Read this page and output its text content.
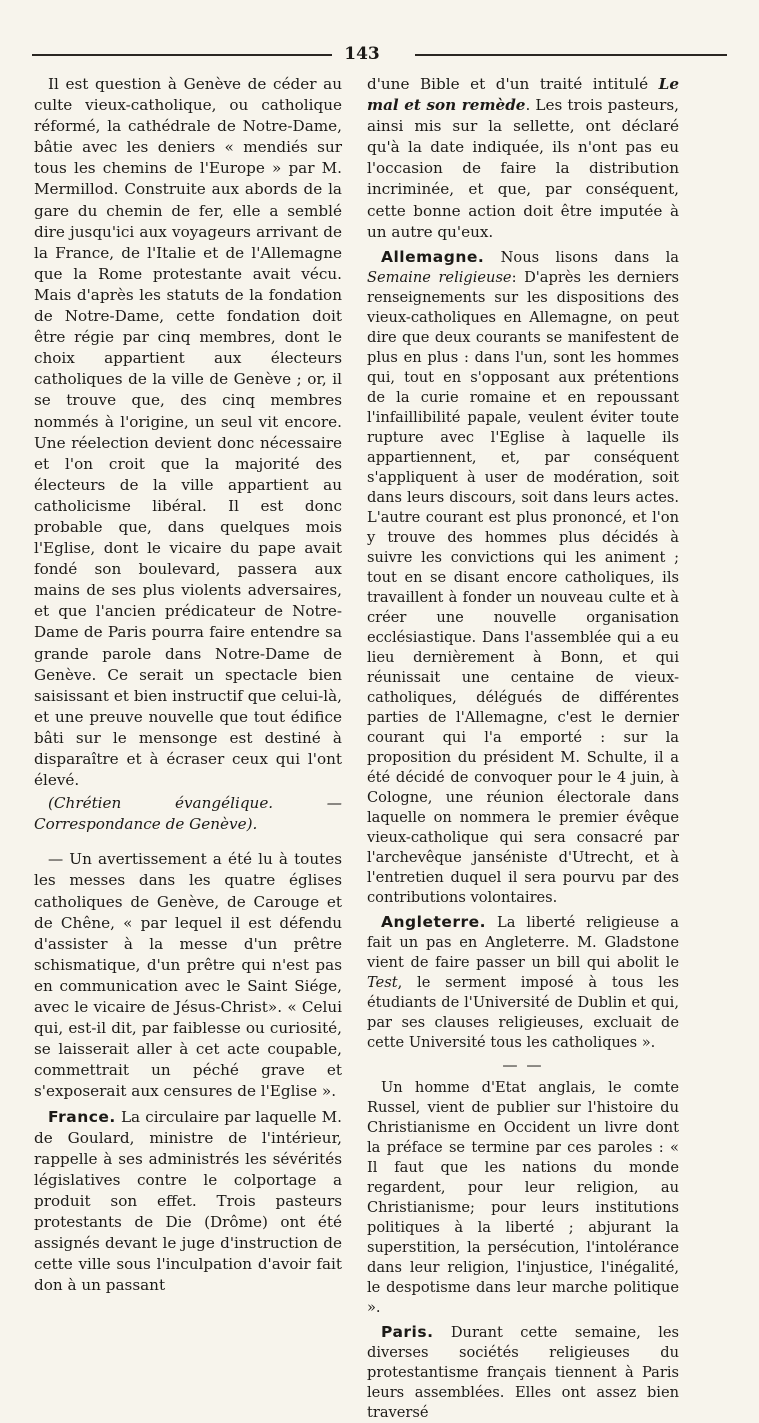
143

Il est question à Genève de céder au culte vieux-catholique, ou catholique réformé, la cathédrale de Notre-Dame, bâtie avec les deniers « mendiés sur tous les chemins de l'Europe » par M. Mermillod. Construite aux abords de la gare du chemin de fer, elle a semblé dire jusqu'ici aux voyageurs arrivant de la France, de l'Italie et de l'Allemagne que la Rome protestante avait vécu. Mais d'après les statuts de la fondation de Notre-Dame, cette fondation doit être régie par cinq membres, dont le choix appartient aux électeurs catholiques de la ville de Genève ; or, il se trouve que, des cinq membres nommés à l'origine, un seul vit encore. Une réelection devient donc nécessaire et l'on croit que la majorité des électeurs de la ville appartient au catholicisme libéral. Il est donc probable que, dans quelques mois l'Eglise, dont le vicaire du pape avait fondé son boulevard, passera aux mains de ses plus violents adversaires, et que l'ancien prédicateur de Notre-Dame de Paris pourra faire entendre sa grande parole dans Notre-Dame de Genève. Ce serait un spectacle bien saisissant et bien instructif que celui-là, et une preuve nouvelle que tout édifice bâti sur le mensonge est destiné à disparaître et à écraser ceux qui l'ont élevé.

(Chrétien évangélique. — Correspondance de Genève).

— Un avertissement a été lu à toutes les messes dans les quatre églises catholiques de Genève, de Carouge et de Chêne, « par lequel il est défendu d'assister à la messe d'un prêtre schismatique, d'un prêtre qui n'est pas en communication avec le Saint Siége, avec le vicaire de Jésus-Christ». « Celui qui, est-il dit, par faiblesse ou curiosité, se laisserait aller à cet acte coupable, commettrait un péché grave et s'exposerait aux censures de l'Eglise ».

France. La circulaire par laquelle M. de Goulard, ministre de l'intérieur, rappelle à ses administrés les sévérités législatives contre le colportage a produit son effet. Trois pasteurs protestants de Die (Drôme) ont été assignés devant le juge d'instruction de cette ville sous l'inculpation d'avoir fait don à un passant

d'une Bible et d'un traité intitulé Le mal et son remède. Les trois pasteurs, ainsi mis sur la sellette, ont déclaré qu'à la date indiquée, ils n'ont pas eu l'occasion de faire la distribution incriminée, et que, par conséquent, cette bonne action doit être imputée à un autre qu'eux.

Allemagne. Nous lisons dans la Semaine religieuse: D'après les derniers renseignements sur les dispositions des vieux-catholiques en Allemagne, on peut dire que deux courants se manifestent de plus en plus : dans l'un, sont les hommes qui, tout en s'opposant aux prétentions de la curie romaine et en repoussant l'infaillibilité papale, veulent éviter toute rupture avec l'Eglise à laquelle ils appartiennent, et, par conséquent s'appliquent à user de modération, soit dans leurs discours, soit dans leurs actes. L'autre courant est plus prononcé, et l'on y trouve des hommes plus décidés à suivre les convictions qui les animent ; tout en se disant encore catholiques, ils travaillent à fonder un nouveau culte et à créer une nouvelle organisation ecclésiastique. Dans l'assemblée qui a eu lieu dernièrement à Bonn, et qui réunissait une centaine de vieux-catholiques, délégués de différentes parties de l'Allemagne, c'est le dernier courant qui l'a emporté : sur la proposition du président M. Schulte, il a été décidé de convoquer pour le 4 juin, à Cologne, une réunion électorale dans laquelle on nommera le premier évêque vieux-catholique qui sera consacré par l'archevêque janséniste d'Utrecht, et à l'entretien duquel il sera pourvu par des contributions volontaires.

Angleterre. La liberté religieuse a fait un pas en Angleterre. M. Gladstone vient de faire passer un bill qui abolit le Test, le serment imposé à tous les étudiants de l'Université de Dublin et qui, par ses clauses religieuses, excluait de cette Université tous les catholiques ».

— —

Un homme d'Etat anglais, le comte Russel, vient de publier sur l'histoire du Christianisme en Occident un livre dont la préface se termine par ces paroles : « Il faut que les nations du monde regardent, pour leur religion, au Christianisme; pour leurs institutions politiques à la liberté ; abjurant la superstition, la persécution, l'intolérance dans leur religion, l'injustice, l'inégalité, le despotisme dans leur marche politique ».

Paris. Durant cette semaine, les diverses sociétés religieuses du protestantisme français tiennent à Paris leurs assemblées. Elles ont assez bien traversé
